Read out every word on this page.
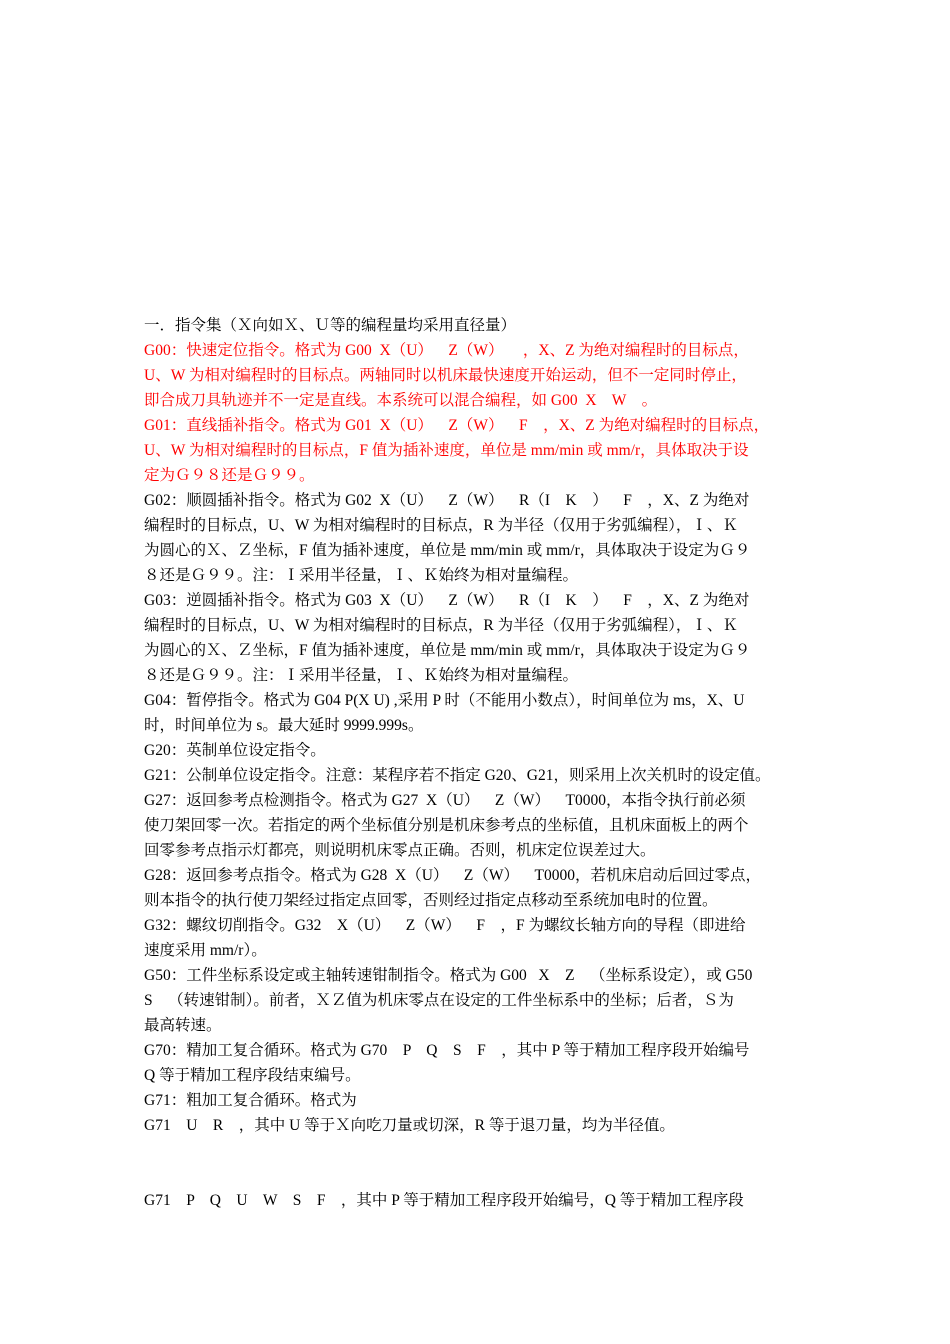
一．指令集（Ｘ向如Ｘ、Ｕ等的编程量均采用直径量）
G00：快速定位指令。格式为 G00  X（U）    Z（W）     ，X、Z 为绝对编程时的目标点，
U、W 为相对编程时的目标点。两轴同时以机床最快速度开始运动，但不一定同时停止，
即合成刀具轨迹并不一定是直线。本系统可以混合编程，如 G00  X    W    。
G01：直线插补指令。格式为 G01  X（U）    Z（W）    F    ，X、Z 为绝对编程时的目标点，
U、W 为相对编程时的目标点，F 值为插补速度，单位是 mm/min 或 mm/r，具体取决于设
定为Ｇ９８还是Ｇ９９。
G02：顺圆插补指令。格式为 G02  X（U）    Z（W）    R（I    K    ）    F    ，X、Z 为绝对
编程时的目标点，U、W 为相对编程时的目标点，R 为半径（仅用于劣弧编程），Ｉ、Ｋ
为圆心的Ｘ、Ｚ坐标，F 值为插补速度，单位是 mm/min 或 mm/r，具体取决于设定为Ｇ９
８还是Ｇ９９。注：Ｉ采用半径量，Ｉ、Ｋ始终为相对量编程。
G03：逆圆插补指令。格式为 G03  X（U）    Z（W）    R（I    K    ）    F    ，X、Z 为绝对
编程时的目标点，U、W 为相对编程时的目标点，R 为半径（仅用于劣弧编程），Ｉ、Ｋ
为圆心的Ｘ、Ｚ坐标，F 值为插补速度，单位是 mm/min 或 mm/r，具体取决于设定为Ｇ９
８还是Ｇ９９。注：Ｉ采用半径量，Ｉ、Ｋ始终为相对量编程。
G04：暂停指令。格式为 G04 P(X U) ,采用 P 时（不能用小数点），时间单位为 ms，X、U
时，时间单位为 s。最大延时 9999.999s。
G20：英制单位设定指令。
G21：公制单位设定指令。注意：某程序若不指定 G20、G21，则采用上次关机时的设定值。
G27：返回参考点检测指令。格式为 G27  X（U）    Z（W）    T0000，本指令执行前必须
使刀架回零一次。若指定的两个坐标值分别是机床参考点的坐标值，且机床面板上的两个
回零参考点指示灯都亮，则说明机床零点正确。否则，机床定位误差过大。
G28：返回参考点指令。格式为 G28  X（U）    Z（W）    T0000，若机床启动后回过零点，
则本指令的执行使刀架经过指定点回零，否则经过指定点移动至系统加电时的位置。
G32：螺纹切削指令。G32    X（U）    Z（W）    F    ，F 为螺纹长轴方向的导程（即进给
速度采用 mm/r）。
G50：工件坐标系设定或主轴转速钳制指令。格式为 G00   X    Z    （坐标系设定），或 G50
S    （转速钳制）。前者，ＸＺ值为机床零点在设定的工件坐标系中的坐标；后者，Ｓ为
最高转速。
G70：精加工复合循环。格式为 G70    P    Q    S    F    ，其中 P 等于精加工程序段开始编号
Q 等于精加工程序段结束编号。
G71：粗加工复合循环。格式为
G71    U    R    ，其中 U 等于Ｘ向吃刀量或切深，R 等于退刀量，均为半径值。
G71    P    Q    U    W    S    F    ，其中 P 等于精加工程序段开始编号，Q 等于精加工程序段
